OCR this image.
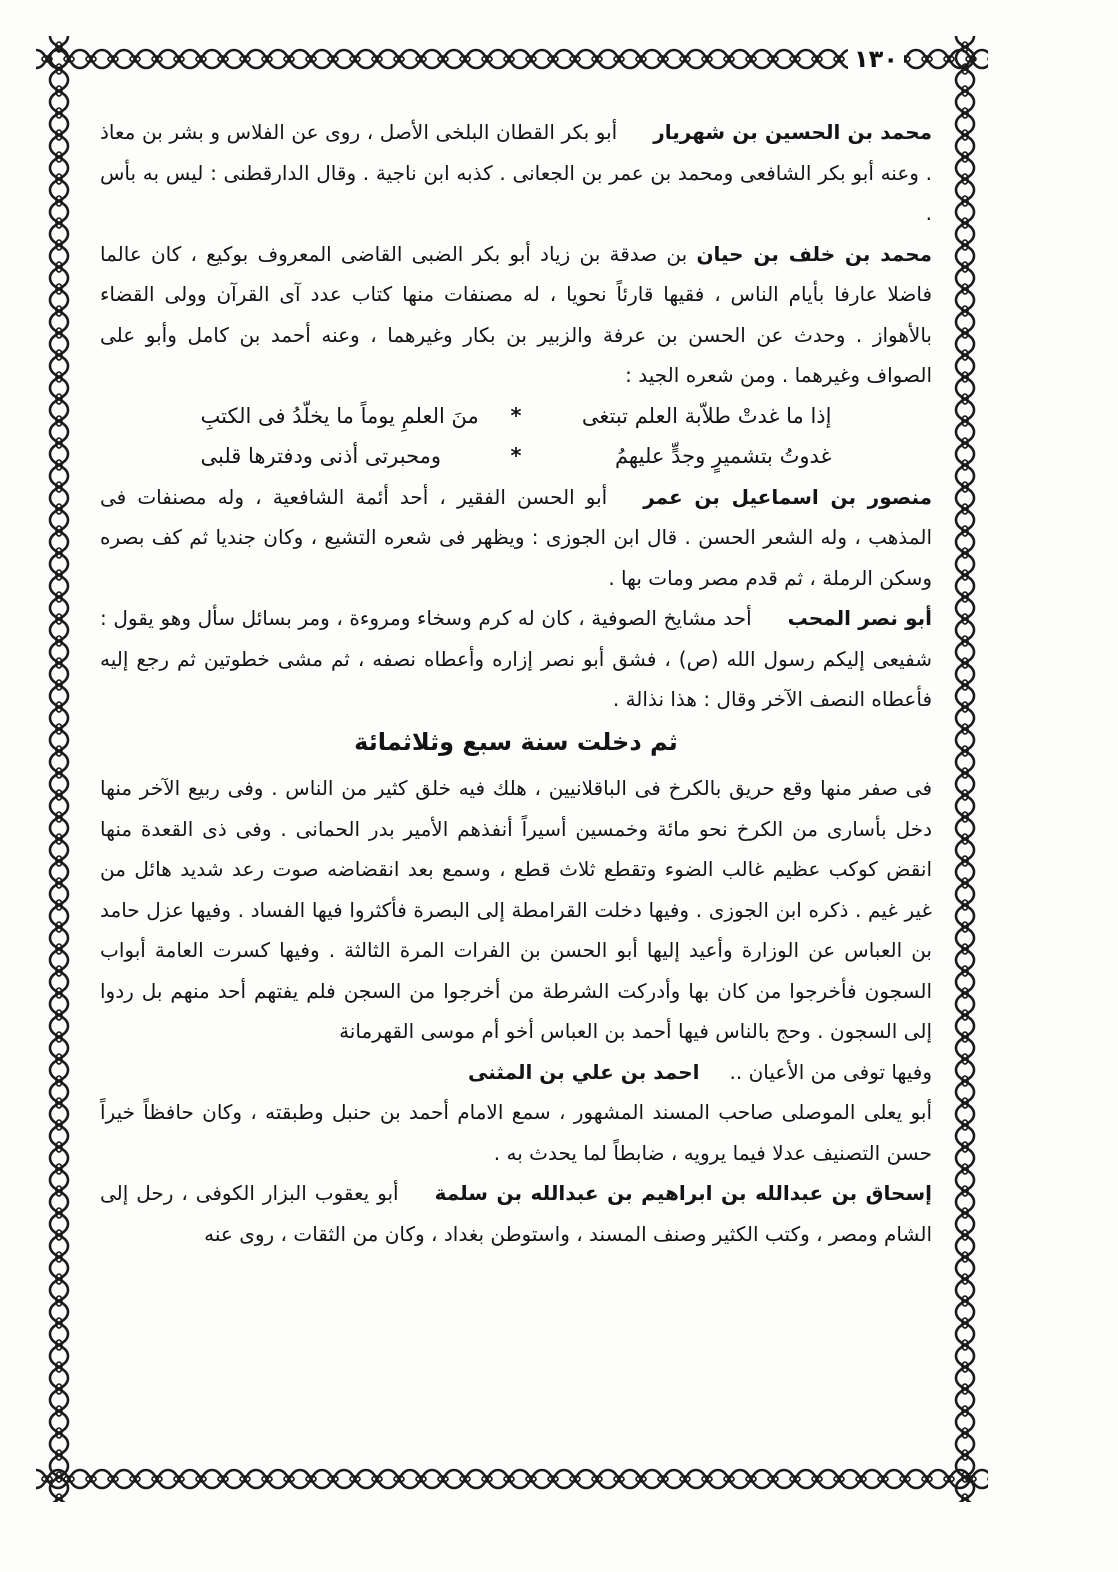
١٣٠

محمد بن الحسين بن شهريارأبو بكر القطان البلخى الأصل ، روى عن الفلاس و بشر بن معاذ . وعنه أبو بكر الشافعى ومحمد بن عمر بن الجعانى . كذبه ابن ناجية . وقال الدارقطنى : ليس به بأس .

محمد بن خلف بن حيان بن صدقة بن زياد أبو بكر الضبى القاضى المعروف بوكيع ، كان عالما فاضلا عارفا بأيام الناس ، فقيها قارئاً نحويا ، له مصنفات منها كتاب عدد آى القرآن وولى القضاء بالأهواز . وحدث عن الحسن بن عرفة والزبير بن بكار وغيرهما ، وعنه أحمد بن كامل وأبو على الصواف وغيرهما . ومن شعره الجيد :

إذا ما غدتْ طلاّبة العلم تبتغى
*
منَ العلمِ يوماً ما يخلّدُ فى الكتبِ

غدوتُ بتشميرٍ وجدٍّ عليهمُ
*
ومحبرتى أذنى ودفترها قلبى

منصور بن اسماعيل بن عمرأبو الحسن الفقير ، أحد أئمة الشافعية ، وله مصنفات فى المذهب ، وله الشعر الحسن . قال ابن الجوزى : ويظهر فى شعره التشيع ، وكان جنديا ثم كف بصره وسكن الرملة ، ثم قدم مصر ومات بها .

أبو نصر المحبأحد مشايخ الصوفية ، كان له كرم وسخاء ومروءة ، ومر بسائل سأل وهو يقول : شفيعى إليكم رسول الله (ص) ، فشق أبو نصر إزاره وأعطاه نصفه ، ثم مشى خطوتين ثم رجع إليه فأعطاه النصف الآخر وقال : هذا نذالة .

ثم دخلت سنة سبع وثلاثمائة

فى صفر منها وقع حريق بالكرخ فى الباقلانيين ، هلك فيه خلق كثير من الناس . وفى ربيع الآخر منها دخل بأسارى من الكرخ نحو مائة وخمسين أسيراً أنفذهم الأمير بدر الحمانى . وفى ذى القعدة منها انقض كوكب عظيم غالب الضوء وتقطع ثلاث قطع ، وسمع بعد انقضاضه صوت رعد شديد هائل من غير غيم . ذكره ابن الجوزى . وفيها دخلت القرامطة إلى البصرة فأكثروا فيها الفساد . وفيها عزل حامد بن العباس عن الوزارة وأعيد إليها أبو الحسن بن الفرات المرة الثالثة . وفيها كسرت العامة أبواب السجون فأخرجوا من كان بها وأدركت الشرطة من أخرجوا من السجن فلم يفتهم أحد منهم بل ردوا إلى السجون . وحج بالناس فيها أحمد بن العباس أخو أم موسى القهرمانة

وفيها توفى من الأعيان ..احمد بن علي بن المثنى

أبو يعلى الموصلى صاحب المسند المشهور ، سمع الامام أحمد بن حنبل وطبقته ، وكان حافظاً خيراً حسن التصنيف عدلا فيما يرويه ، ضابطاً لما يحدث به .

إسحاق بن عبدالله بن ابراهيم بن عبدالله بن سلمةأبو يعقوب البزار الكوفى ، رحل إلى الشام ومصر ، وكتب الكثير وصنف المسند ، واستوطن بغداد ، وكان من الثقات ، روى عنه
